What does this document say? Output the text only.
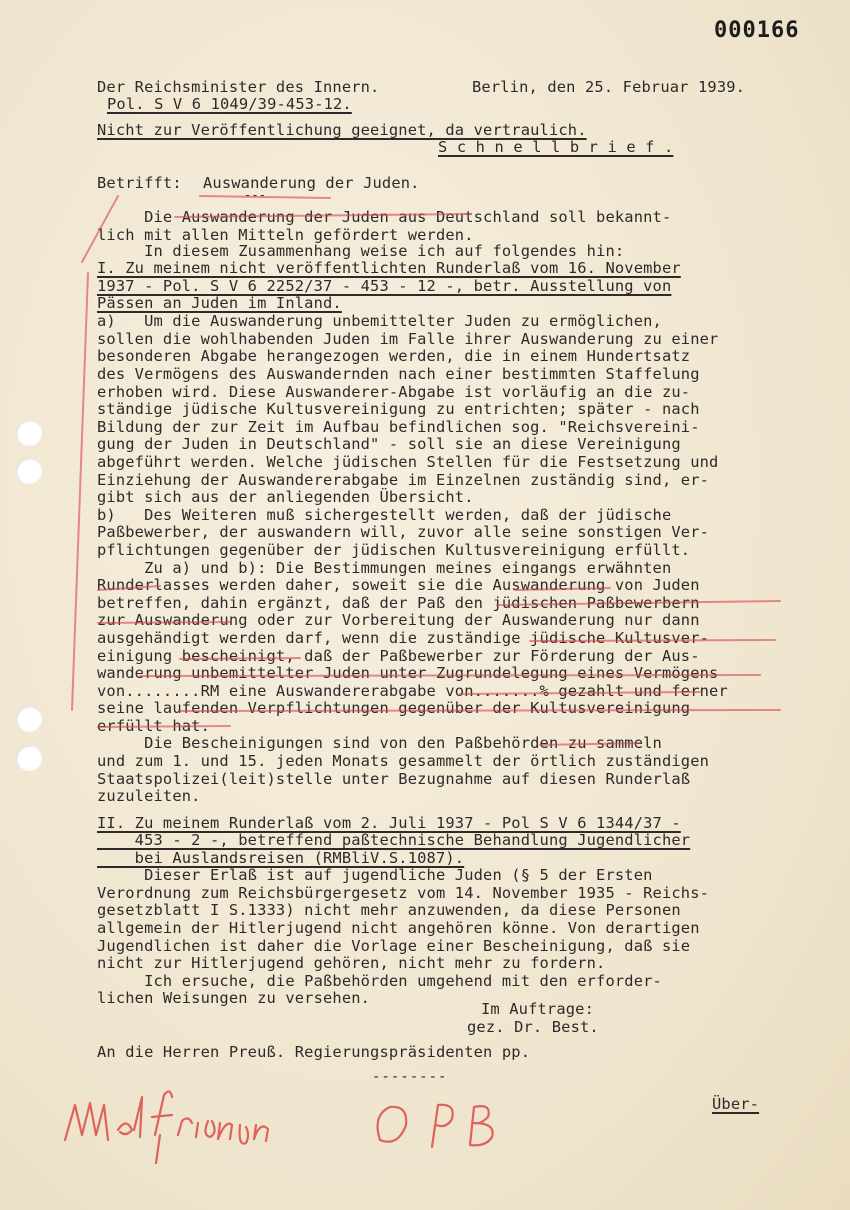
000166
Der Reichsminister des Innern.
Pol. S V 6 1049/39-453-12.
Berlin, den 25. Februar 1939.
Nicht zur Veröffentlichung geeignet, da vertraulich.
S c h n e l l b r i e f .
Betrifft: Auswanderung der Juden.
---
Die Auswanderung der Juden aus Deutschland soll bekannt-
lich mit allen Mitteln gefördert werden.
In diesem Zusammenhang weise ich auf folgendes hin:
I. Zu meinem nicht veröffentlichten Runderlaß vom 16. November
1937 - Pol. S V 6 2252/37 - 453 - 12 -, betr. Ausstellung von
Pässen an Juden im Inland.
a)   Um die Auswanderung unbemittelter Juden zu ermöglichen,
sollen die wohlhabenden Juden im Falle ihrer Auswanderung zu einer
besonderen Abgabe herangezogen werden, die in einem Hundertsatz
des Vermögens des Auswandernden nach einer bestimmten Staffelung
erhoben wird. Diese Auswanderer-Abgabe ist vorläufig an die zu-
ständige jüdische Kultusvereinigung zu entrichten; später - nach
Bildung der zur Zeit im Aufbau befindlichen sog. "Reichsvereini-
gung der Juden in Deutschland" - soll sie an diese Vereinigung
abgeführt werden. Welche jüdischen Stellen für die Festsetzung und
Einziehung der Auswandererabgabe im Einzelnen zuständig sind, er-
gibt sich aus der anliegenden Übersicht.
b)   Des Weiteren muß sichergestellt werden, daß der jüdische
Paßbewerber, der auswandern will, zuvor alle seine sonstigen Ver-
pflichtungen gegenüber der jüdischen Kultusvereinigung erfüllt.
Zu a) und b): Die Bestimmungen meines eingangs erwähnten
Runderlasses werden daher, soweit sie die Auswanderung von Juden
betreffen, dahin ergänzt, daß der Paß den jüdischen Paßbewerbern
zur Auswanderung oder zur Vorbereitung der Auswanderung nur dann
ausgehändigt werden darf, wenn die zuständige jüdische Kultusver-
einigung bescheinigt, daß der Paßbewerber zur Förderung der Aus-
wanderung unbemittelter Juden unter Zugrundelegung eines Vermögens
von........RM eine Auswandererabgabe von.......% gezahlt und ferner
seine laufenden Verpflichtungen gegenüber der Kultusvereinigung
erfüllt hat.
Die Bescheinigungen sind von den Paßbehörden zu sammeln
und zum 1. und 15. jeden Monats gesammelt der örtlich zuständigen
Staatspolizei(leit)stelle unter Bezugnahme auf diesen Runderlaß
zuzuleiten.
II. Zu meinem Runderlaß vom 2. Juli 1937 - Pol S V 6 1344/37 -
453 - 2 -, betreffend paßtechnische Behandlung Jugendlicher
bei Auslandsreisen (RMBliV.S.1087).
Dieser Erlaß ist auf jugendliche Juden (§ 5 der Ersten
Verordnung zum Reichsbürgergesetz vom 14. November 1935 - Reichs-
gesetzblatt I S.1333) nicht mehr anzuwenden, da diese Personen
allgemein der Hitlerjugend nicht angehören könne. Von derartigen
Jugendlichen ist daher die Vorlage einer Bescheinigung, daß sie
nicht zur Hitlerjugend gehören, nicht mehr zu fordern.
Ich ersuche, die Paßbehörden umgehend mit den erforder-
lichen Weisungen zu versehen.
Im Auftrage:
gez. Dr. Best.
An die Herren Preuß. Regierungspräsidenten pp.
--------
Über-
